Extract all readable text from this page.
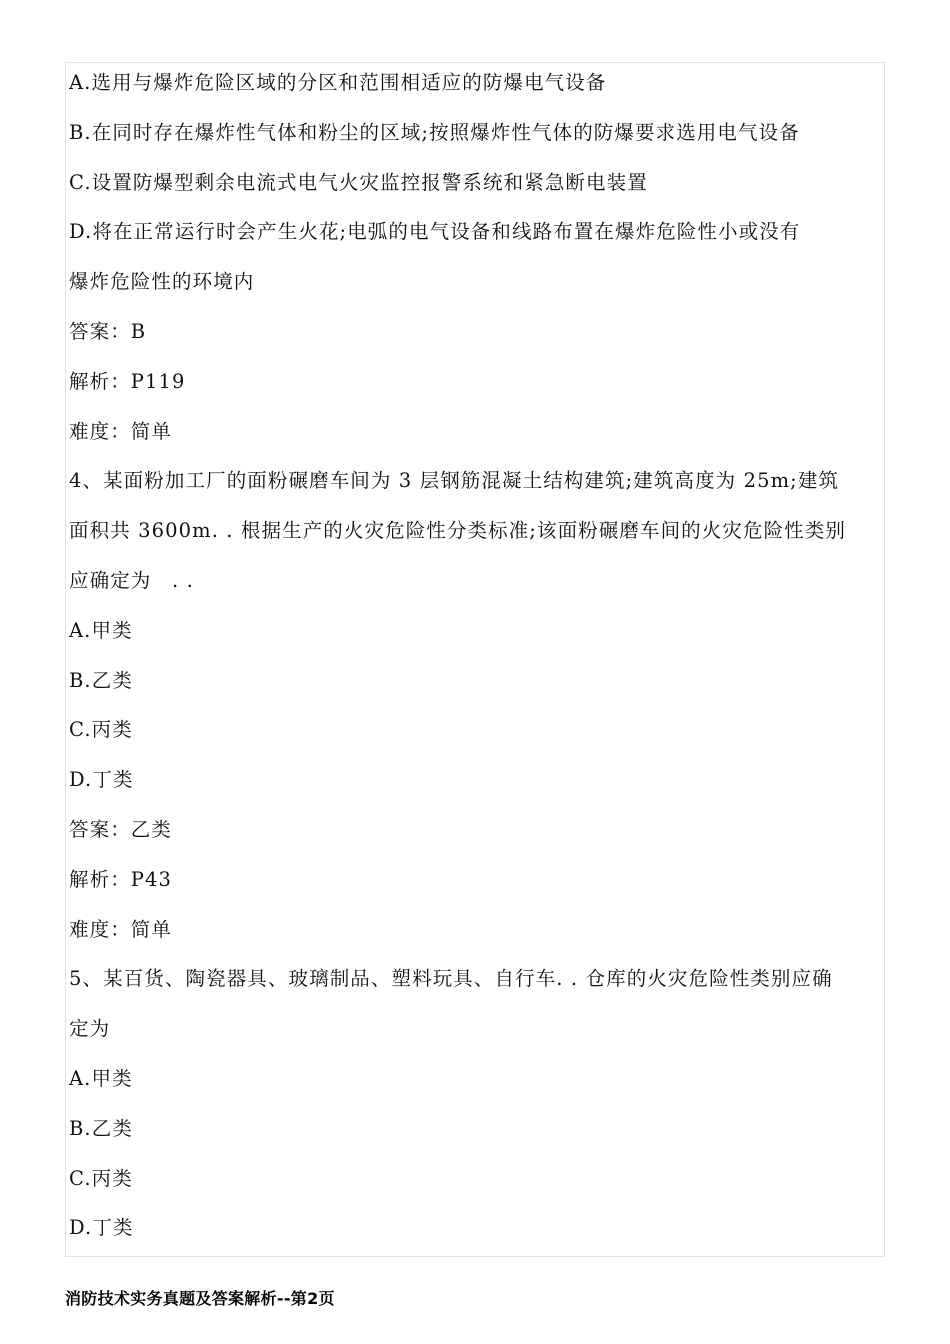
A.选用与爆炸危险区域的分区和范围相适应的防爆电气设备
B.在同时存在爆炸性气体和粉尘的区域;按照爆炸性气体的防爆要求选用电气设备
C.设置防爆型剩余电流式电气火灾监控报警系统和紧急断电装置
D.将在正常运行时会产生火花;电弧的电气设备和线路布置在爆炸危险性小或没有
爆炸危险性的环境内
答案：B
解析：P119
难度：简单
4、某面粉加工厂的面粉碾磨车间为 3 层钢筋混凝土结构建筑;建筑高度为 25m;建筑
面积共 3600m. . 根据生产的火灾危险性分类标准;该面粉碾磨车间的火灾危险性类别
应确定为　. .
A.甲类
B.乙类
C.丙类
D.丁类
答案：乙类
解析：P43
难度：简单
5、某百货、陶瓷器具、玻璃制品、塑料玩具、自行车. . 仓库的火灾危险性类别应确
定为
A.甲类
B.乙类
C.丙类
D.丁类
消防技术实务真题及答案解析--第2页
